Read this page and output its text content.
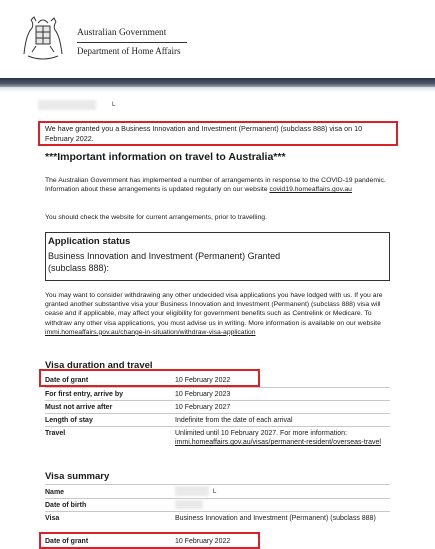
Australian Government
Department of Home Affairs
L
We have granted you a Business Innovation and Investment (Permanent) (subclass 888) visa on 10 February 2022.
***Important information on travel to Australia***
The Australian Government has implemented a number of arrangements in response to the COVID-19 pandemic. Information about these arrangements is updated regularly on our website covid19.homeaffairs.gov.au
You should check the website for current arrangements, prior to travelling.
Application status
Business Innovation and Investment (Permanent) Granted
(subclass 888):
You may want to consider withdrawing any other undecided visa applications you have lodged with us. If you are granted another substantive visa your Business Innovation and Investment (Permanent) (subclass 888) visa will cease and if applicable, may affect your eligibility for government benefits such as Centrelink or Medicare. To withdraw any other visa applications, you must advise us in writing. More information is available on our website immi.homeaffairs.gov.au/change-in-situation/withdraw-visa-application
Visa duration and travel
Date of grant	10 February 2022
For first entry, arrive by	10 February 2023
Must not arrive after	10 February 2027
Length of stay	Indefinite from the date of each arrival
Travel	Unlimited until 10 February 2027. For more information: immi.homeaffairs.gov.au/visas/permanent-resident/overseas-travel
Visa summary
Name	L
Date of birth
Visa	Business Innovation and Investment (Permanent) (subclass 888)
Date of grant	10 February 2022
